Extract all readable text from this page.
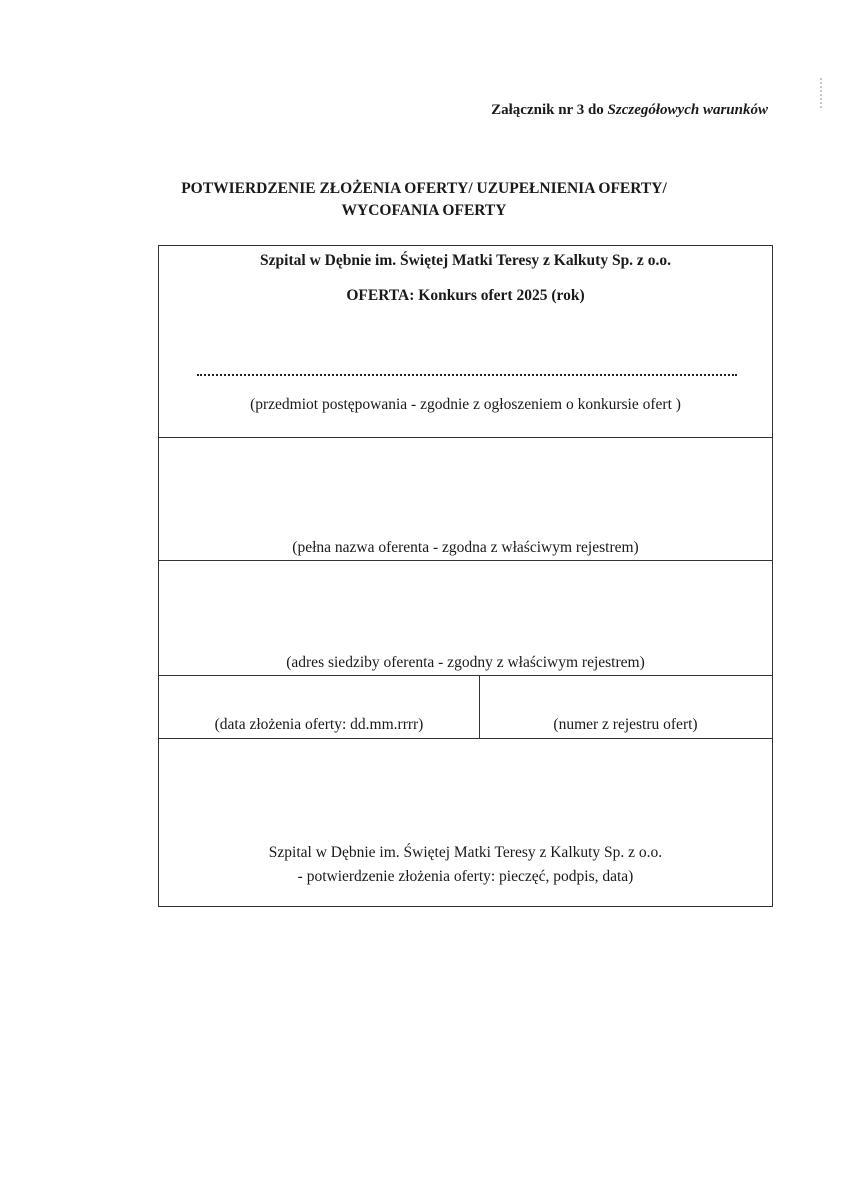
Załącznik nr 3 do Szczegółowych warunków
POTWIERDZENIE ZŁOŻENIA OFERTY/ UZUPEŁNIENIA OFERTY/
WYCOFANIA OFERTY
Szpital w Dębnie im. Świętej Matki Teresy z Kalkuty Sp. z o.o.
OFERTA: Konkurs ofert 2025 (rok)
(przedmiot postępowania - zgodnie z ogłoszeniem o konkursie ofert )
(pełna nazwa oferenta - zgodna z właściwym rejestrem)
(adres siedziby oferenta - zgodny z właściwym rejestrem)
(data złożenia oferty: dd.mm.rrrr)	(numer z rejestru ofert)
Szpital w Dębnie im. Świętej Matki Teresy z Kalkuty Sp. z o.o.
- potwierdzenie złożenia oferty: pieczęć, podpis, data)
